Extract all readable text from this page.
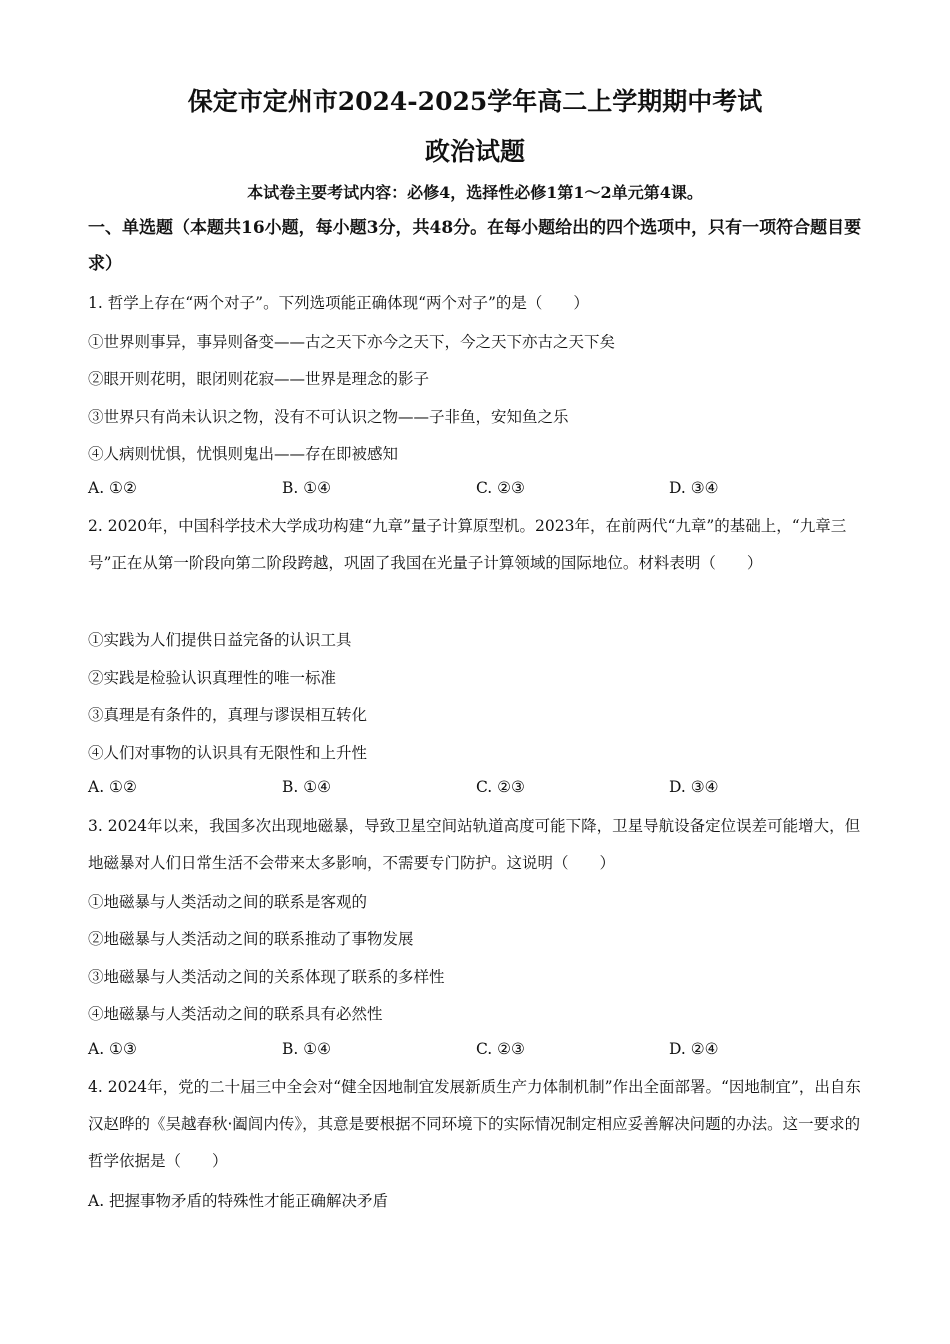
保定市定州市2024-2025学年高二上学期期中考试
政治试题
本试卷主要考试内容：必修4，选择性必修1第1～2单元第4课。
一、单选题（本题共16小题，每小题3分，共48分。在每小题给出的四个选项中，只有一项符合题目要求）
1. 哲学上存在“两个对子”。下列选项能正确体现“两个对子”的是（　　）
①世界则事异，事异则备变——古之天下亦今之天下，今之天下亦古之天下矣
②眼开则花明，眼闭则花寂——世界是理念的影子
③世界只有尚未认识之物，没有不可认识之物——子非鱼，安知鱼之乐
④人病则忧惧，忧惧则鬼出——存在即被感知
A. ①②	B. ①④	C. ②③	D. ③④
2. 2020年，中国科学技术大学成功构建“九章”量子计算原型机。2023年，在前两代“九章”的基础上，“九章三号”正在从第一阶段向第二阶段跨越，巩固了我国在光量子计算领域的国际地位。材料表明（　　）
①实践为人们提供日益完备的认识工具
②实践是检验认识真理性的唯一标准
③真理是有条件的，真理与谬误相互转化
④人们对事物的认识具有无限性和上升性
A. ①②	B. ①④	C. ②③	D. ③④
3. 2024年以来，我国多次出现地磁暴，导致卫星空间站轨道高度可能下降，卫星导航设备定位误差可能增大，但地磁暴对人们日常生活不会带来太多影响，不需要专门防护。这说明（　　）
①地磁暴与人类活动之间的联系是客观的
②地磁暴与人类活动之间的联系推动了事物发展
③地磁暴与人类活动之间的关系体现了联系的多样性
④地磁暴与人类活动之间的联系具有必然性
A. ①③	B. ①④	C. ②③	D. ②④
4. 2024年，党的二十届三中全会对“健全因地制宜发展新质生产力体制机制”作出全面部署。“因地制宜”，出自东汉赵晔的《吴越春秋·阖闾内传》，其意是要根据不同环境下的实际情况制定相应妥善解决问题的办法。这一要求的哲学依据是（　　）
A. 把握事物矛盾的特殊性才能正确解决矛盾
